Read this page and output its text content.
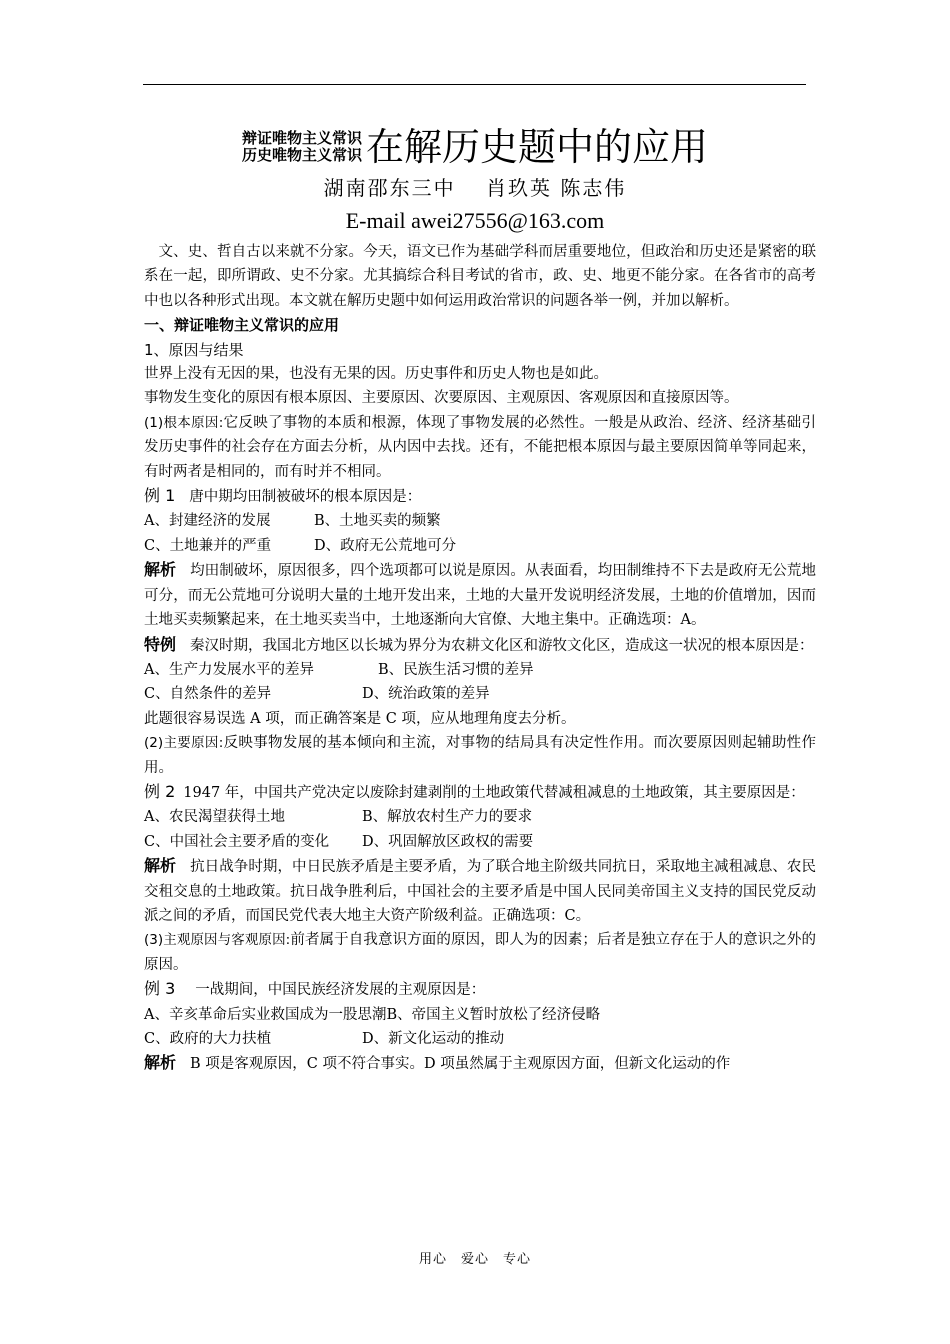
辩证唯物主义常识
历史唯物主义常识 在解历史题中的应用
湖南邵东三中　 肖玖英 陈志伟
E-mail awei27556@163.com

文、史、哲自古以来就不分家。今天，语文已作为基础学科而居重要地位，但政治和历史还是紧密的联系在一起，即所谓政、史不分家。尤其搞综合科目考试的省市，政、史、地更不能分家。在各省市的高考中也以各种形式出现。本文就在解历史题中如何运用政治常识的问题各举一例，并加以解析。

一、辩证唯物主义常识的应用

1、原因与结果

世界上没有无因的果，也没有无果的因。历史事件和历史人物也是如此。

事物发生变化的原因有根本原因、主要原因、次要原因、主观原因、客观原因和直接原因等。

(1)根本原因:它反映了事物的本质和根源，体现了事物发展的必然性。一般是从政治、经济、经济基础引发历史事件的社会存在方面去分析，从内因中去找。还有，不能把根本原因与最主要原因简单等同起来，有时两者是相同的，而有时并不相同。

例 1 唐中期均田制被破坏的根本原因是：

A、封建经济的发展	B、土地买卖的频繁

C、土地兼并的严重	D、政府无公荒地可分

解析 均田制破坏，原因很多，四个选项都可以说是原因。从表面看，均田制维持不下去是政府无公荒地可分，而无公荒地可分说明大量的土地开发出来，土地的大量开发说明经济发展，土地的价值增加，因而土地买卖频繁起来，在土地买卖当中，土地逐渐向大官僚、大地主集中。正确选项：A。

特例 秦汉时期，我国北方地区以长城为界分为农耕文化区和游牧文化区，造成这一状况的根本原因是：

A、生产力发展水平的差异	B、民族生活习惯的差异

C、自然条件的差异	D、统治政策的差异

此题很容易误选 A 项，而正确答案是 C 项，应从地理角度去分析。

(2)主要原因:反映事物发展的基本倾向和主流，对事物的结局具有决定性作用。而次要原因则起辅助性作用。

例 2 1947 年，中国共产党决定以废除封建剥削的土地政策代替减租减息的土地政策，其主要原因是：

A、农民渴望获得土地	B、解放农村生产力的要求

C、中国社会主要矛盾的变化	D、巩固解放区政权的需要

解析 抗日战争时期，中日民族矛盾是主要矛盾，为了联合地主阶级共同抗日，采取地主减租减息、农民交租交息的土地政策。抗日战争胜利后，中国社会的主要矛盾是中国人民同美帝国主义支持的国民党反动派之间的矛盾，而国民党代表大地主大资产阶级利益。正确选项：C。

(3)主观原因与客观原因:前者属于自我意识方面的原因，即人为的因素；后者是独立存在于人的意识之外的原因。

例 3 一战期间，中国民族经济发展的主观原因是：

A、辛亥革命后实业救国成为一股思潮B、帝国主义暂时放松了经济侵略

C、政府的大力扶植	D、新文化运动的推动

解析 B 项是客观原因，C 项不符合事实。D 项虽然属于主观原因方面，但新文化运动的作

用心　爱心　专心
